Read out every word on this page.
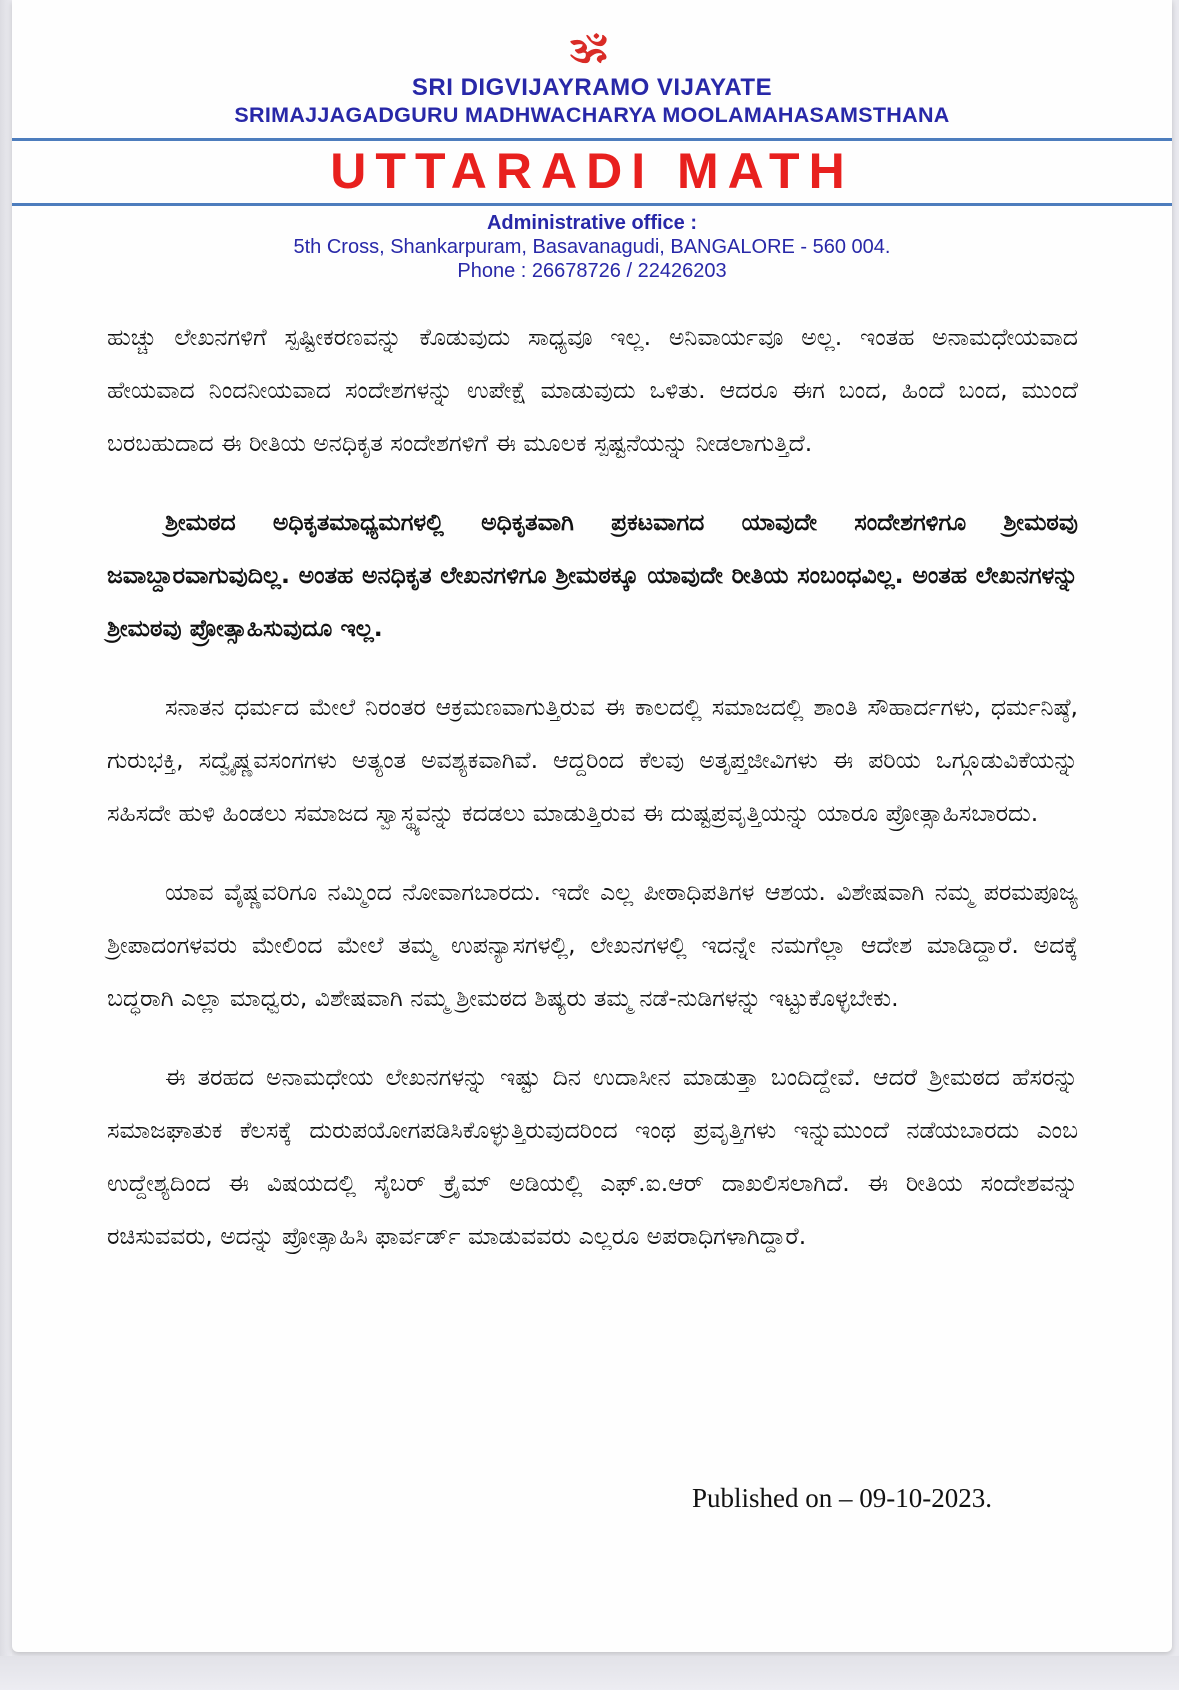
ॐ
SRI DIGVIJAYRAMO VIJAYATE
SRIMAJJAGADGURU MADHWACHARYA MOOLAMAHASAMSTHANA
UTTARADI MATH
Administrative office :
5th Cross, Shankarpuram, Basavanagudi, BANGALORE - 560 004.
Phone : 26678726 / 22426203

ಹುಚ್ಚು ಲೇಖನಗಳಿಗೆ ಸ್ಪಷ್ಟೀಕರಣವನ್ನು ಕೊಡುವುದು ಸಾಧ್ಯವೂ ಇಲ್ಲ. ಅನಿವಾರ್ಯವೂ ಅಲ್ಲ. ಇಂತಹ ಅನಾಮಧೇಯವಾದ ಹೇಯವಾದ ನಿಂದನೀಯವಾದ ಸಂದೇಶಗಳನ್ನು ಉಪೇಕ್ಷೆ ಮಾಡುವುದು ಒಳಿತು. ಆದರೂ ಈಗ ಬಂದ, ಹಿಂದೆ ಬಂದ, ಮುಂದೆ ಬರಬಹುದಾದ ಈ ರೀತಿಯ ಅನಧಿಕೃತ ಸಂದೇಶಗಳಿಗೆ ಈ ಮೂಲಕ ಸ್ಪಷ್ಟನೆಯನ್ನು ನೀಡಲಾಗುತ್ತಿದೆ.

ಶ್ರೀಮಠದ ಅಧಿಕೃತಮಾಧ್ಯಮಗಳಲ್ಲಿ ಅಧಿಕೃತವಾಗಿ ಪ್ರಕಟವಾಗದ ಯಾವುದೇ ಸಂದೇಶಗಳಿಗೂ ಶ್ರೀಮಠವು ಜವಾಬ್ದಾರವಾಗುವುದಿಲ್ಲ. ಅಂತಹ ಅನಧಿಕೃತ ಲೇಖನಗಳಿಗೂ ಶ್ರೀಮಠಕ್ಕೂ ಯಾವುದೇ ರೀತಿಯ ಸಂಬಂಧವಿಲ್ಲ. ಅಂತಹ ಲೇಖನಗಳನ್ನು ಶ್ರೀಮಠವು ಪ್ರೋತ್ಸಾಹಿಸುವುದೂ ಇಲ್ಲ.

ಸನಾತನ ಧರ್ಮದ ಮೇಲೆ ನಿರಂತರ ಆಕ್ರಮಣವಾಗುತ್ತಿರುವ ಈ ಕಾಲದಲ್ಲಿ ಸಮಾಜದಲ್ಲಿ ಶಾಂತಿ ಸೌಹಾರ್ದಗಳು, ಧರ್ಮನಿಷ್ಠೆ, ಗುರುಭಕ್ತಿ, ಸದ್ವೈಷ್ಣವಸಂಗಗಳು ಅತ್ಯಂತ ಅವಶ್ಯಕವಾಗಿವೆ. ಆದ್ದರಿಂದ ಕೆಲವು ಅತೃಪ್ತಜೀವಿಗಳು ಈ ಪರಿಯ ಒಗ್ಗೂಡುವಿಕೆಯನ್ನು ಸಹಿಸದೇ ಹುಳಿ ಹಿಂಡಲು ಸಮಾಜದ ಸ್ವಾಸ್ಥ್ಯವನ್ನು ಕದಡಲು ಮಾಡುತ್ತಿರುವ ಈ ದುಷ್ಟಪ್ರವೃತ್ತಿಯನ್ನು ಯಾರೂ ಪ್ರೋತ್ಸಾಹಿಸಬಾರದು.

ಯಾವ ವೈಷ್ಣವರಿಗೂ ನಮ್ಮಿಂದ ನೋವಾಗಬಾರದು. ಇದೇ ಎಲ್ಲ ಪೀಠಾಧಿಪತಿಗಳ ಆಶಯ. ವಿಶೇಷವಾಗಿ ನಮ್ಮ ಪರಮಪೂಜ್ಯ ಶ್ರೀಪಾದಂಗಳವರು ಮೇಲಿಂದ ಮೇಲೆ ತಮ್ಮ ಉಪನ್ಯಾಸಗಳಲ್ಲಿ, ಲೇಖನಗಳಲ್ಲಿ ಇದನ್ನೇ ನಮಗೆಲ್ಲಾ ಆದೇಶ ಮಾಡಿದ್ದಾರೆ. ಅದಕ್ಕೆ ಬದ್ಧರಾಗಿ ಎಲ್ಲಾ ಮಾಧ್ವರು, ವಿಶೇಷವಾಗಿ ನಮ್ಮ ಶ್ರೀಮಠದ ಶಿಷ್ಯರು ತಮ್ಮ ನಡೆ-ನುಡಿಗಳನ್ನು ಇಟ್ಟುಕೊಳ್ಳಬೇಕು.

ಈ ತರಹದ ಅನಾಮಧೇಯ ಲೇಖನಗಳನ್ನು ಇಷ್ಟು ದಿನ ಉದಾಸೀನ ಮಾಡುತ್ತಾ ಬಂದಿದ್ದೇವೆ. ಆದರೆ ಶ್ರೀಮಠದ ಹೆಸರನ್ನು ಸಮಾಜಘಾತುಕ ಕೆಲಸಕ್ಕೆ ದುರುಪಯೋಗಪಡಿಸಿಕೊಳ್ಳುತ್ತಿರುವುದರಿಂದ ಇಂಥ ಪ್ರವೃತ್ತಿಗಳು ಇನ್ನುಮುಂದೆ ನಡೆಯಬಾರದು ಎಂಬ ಉದ್ದೇಶ್ಯದಿಂದ ಈ ವಿಷಯದಲ್ಲಿ ಸೈಬರ್ ಕ್ರೈಮ್ ಅಡಿಯಲ್ಲಿ ಎಫ್.ಐ.ಆರ್ ದಾಖಲಿಸಲಾಗಿದೆ. ಈ ರೀತಿಯ ಸಂದೇಶವನ್ನು ರಚಿಸುವವರು, ಅದನ್ನು ಪ್ರೋತ್ಸಾಹಿಸಿ ಫಾರ್ವರ್ಡ್ ಮಾಡುವವರು ಎಲ್ಲರೂ ಅಪರಾಧಿಗಳಾಗಿದ್ದಾರೆ.

Published on – 09-10-2023.
